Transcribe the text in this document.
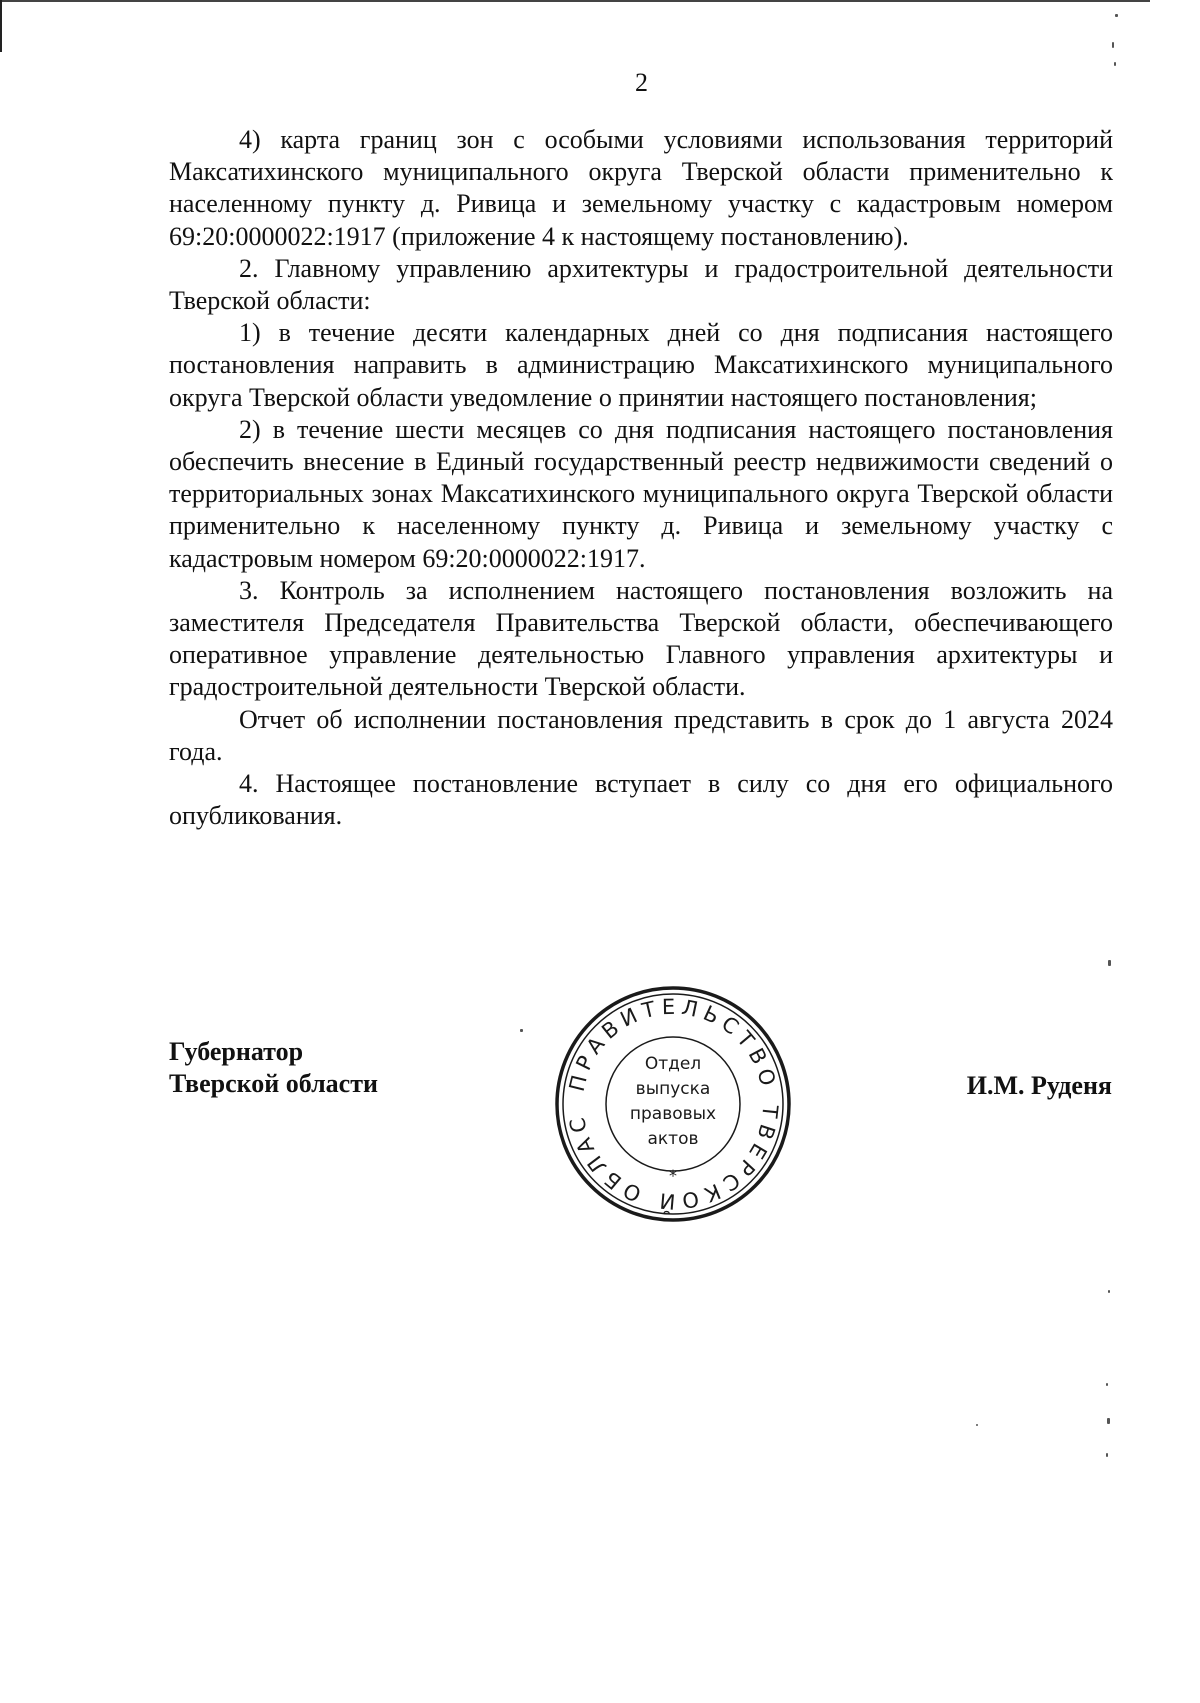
2

4) карта границ зон с особыми условиями использования территорий Максатихинского муниципального округа Тверской области применительно к населенному пункту д. Ривица и земельному участку с кадастровым номером 69:20:0000022:1917 (приложение 4 к настоящему постановлению).

2. Главному управлению архитектуры и градостроительной деятельности Тверской области:

1) в течение десяти календарных дней со дня подписания настоящего постановления направить в администрацию Максатихинского муниципального округа Тверской области уведомление о принятии настоящего постановления;

2) в течение шести месяцев со дня подписания настоящего постановления обеспечить внесение в Единый государственный реестр недвижимости сведений о территориальных зонах Максатихинского муниципального округа Тверской области применительно к населенному пункту д. Ривица и земельному участку с кадастровым номером 69:20:0000022:1917.

3. Контроль за исполнением настоящего постановления возложить на заместителя Председателя Правительства Тверской области, обеспечивающего оперативное управление деятельностью Главного управления архитектуры и градостроительной деятельности Тверской области.

Отчет об исполнении постановления представить в срок до 1 августа 2024 года.

4. Настоящее постановление вступает в силу со дня его официального опубликования.

Губернатор
Тверской области	И.М. Руденя
ПРАВИТЕЛЬСТВО ТВЕРСКОЙ ОБЛАС
*
Отдел
выпуска
правовых
актов
